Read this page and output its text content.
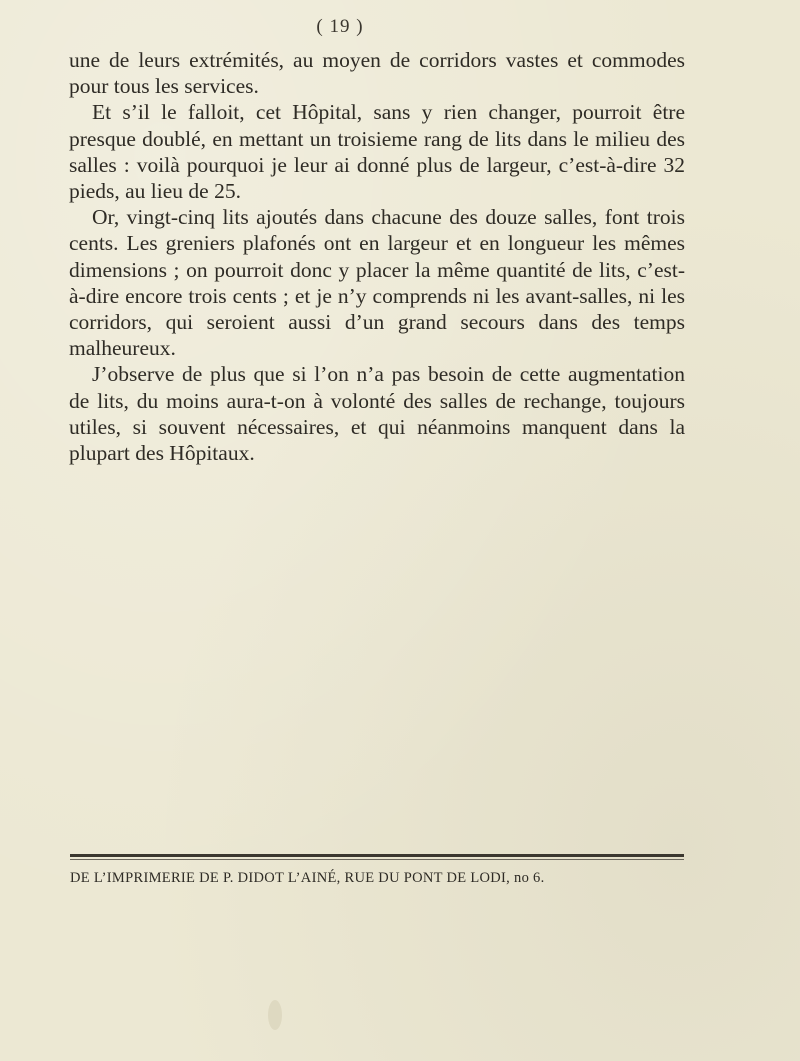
( 19 )

une de leurs extrémités, au moyen de corridors vastes et commodes pour tous les services.

Et s’il le falloit, cet Hôpital, sans y rien changer, pourroit être presque doublé, en mettant un troisieme rang de lits dans le milieu des salles : voilà pourquoi je leur ai donné plus de largeur, c’est-à-dire 32 pieds, au lieu de 25.

Or, vingt-cinq lits ajoutés dans chacune des douze salles, font trois cents. Les greniers plafonés ont en largeur et en longueur les mêmes dimensions ; on pourroit donc y placer la même quantité de lits, c’est-à-dire encore trois cents ; et je n’y comprends ni les avant-salles, ni les corridors, qui seroient aussi d’un grand secours dans des temps malheureux.

J’observe de plus que si l’on n’a pas besoin de cette augmentation de lits, du moins aura-t-on à volonté des salles de rechange, toujours utiles, si souvent nécessaires, et qui néanmoins manquent dans la plupart des Hôpitaux.

DE L’IMPRIMERIE DE P. DIDOT L’AINÉ, RUE DU PONT DE LODI, no 6.
